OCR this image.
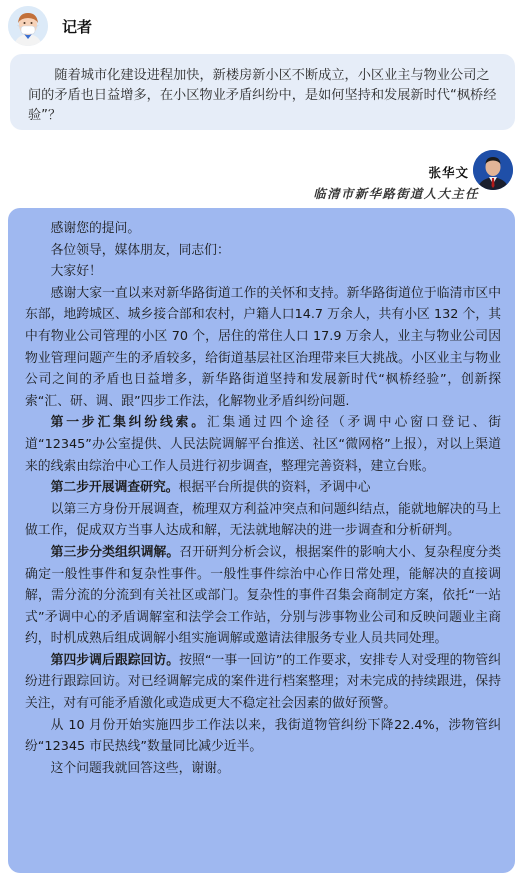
记者
随着城市化建设进程加快，新楼房新小区不断成立，小区业主与物业公司之间的矛盾也日益增多，在小区物业矛盾纠纷中，是如何坚持和发展新时代“枫桥经验”？
张华文
临清市新华路街道人大主任

感谢您的提问。

各位领导，媒体朋友，同志们：

大家好！

感谢大家一直以来对新华路街道工作的关怀和支持。新华路街道位于临清市区中东部，地跨城区、城乡接合部和农村，户籍人口14.7 万余人，共有小区 132 个，其中有物业公司管理的小区 70 个，居住的常住人口 17.9 万余人，业主与物业公司因物业管理问题产生的矛盾较多，给街道基层社区治理带来巨大挑战。小区业主与物业公司之间的矛盾也日益增多，新华路街道坚持和发展新时代“枫桥经验”，创新探索“汇、研、调、跟”四步工作法，化解物业矛盾纠纷问题.

第一步汇集纠纷线索。汇集通过四个途径（矛调中心窗口登记、街道“12345”办公室提供、人民法院调解平台推送、社区“微网格”上报），对以上渠道来的线索由综治中心工作人员进行初步调查，整理完善资料，建立台账。

第二步开展调查研究。根据平台所提供的资料，矛调中心

以第三方身份开展调查，梳理双方利益冲突点和问题纠结点，能就地解决的马上做工作，促成双方当事人达成和解，无法就地解决的进一步调查和分析研判。

第三步分类组织调解。召开研判分析会议，根据案件的影响大小、复杂程度分类确定一般性事件和复杂性事件。一般性事件综治中心作日常处理，能解决的直接调解，需分流的分流到有关社区或部门。复杂性的事件召集会商制定方案，依托“一站式”矛调中心的矛盾调解室和法学会工作站，分别与涉事物业公司和反映问题业主商约，时机成熟后组成调解小组实施调解或邀请法律服务专业人员共同处理。

第四步调后跟踪回访。按照“一事一回访”的工作要求，安排专人对受理的物管纠纷进行跟踪回访。对已经调解完成的案件进行档案整理；对未完成的持续跟进，保持关注，对有可能矛盾激化或造成更大不稳定社会因素的做好预警。

从 10 月份开始实施四步工作法以来，我街道物管纠纷下降22.4%，涉物管纠纷“12345 市民热线”数量同比减少近半。

这个问题我就回答这些，谢谢。
